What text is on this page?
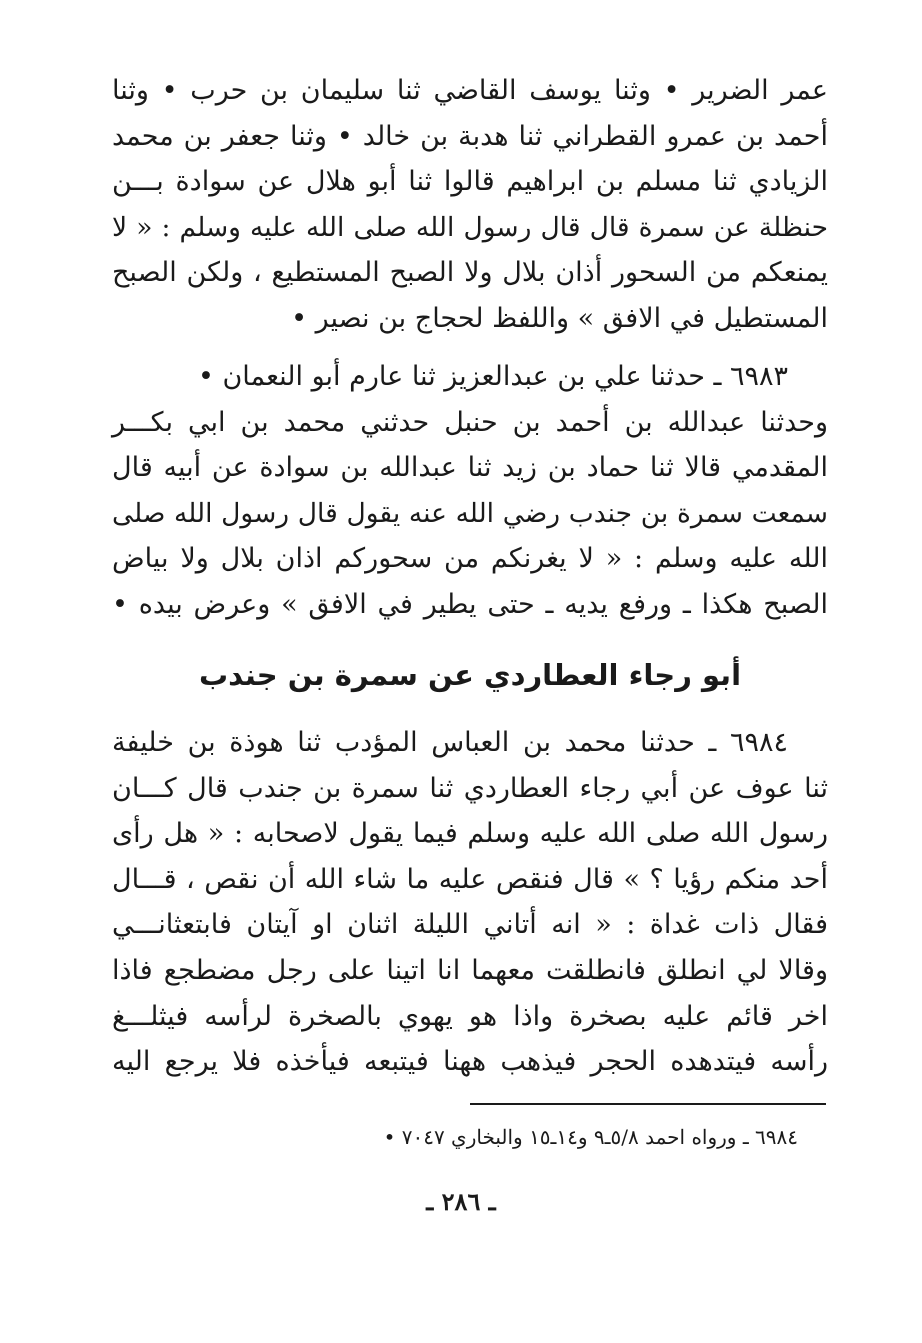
عمر الضرير • وثنا يوسف القاضي ثنا سليمان بن حرب • وثنا
أحمد بن عمرو القطراني ثنا هدبة بن خالد • وثنا جعفر بن محمد
الزيادي ثنا مسلم بن ابراهيم قالوا ثنا أبو هلال عن سوادة بـــن
حنظلة عن سمرة قال قال رسول الله صلى الله عليه وسلم : « لا
يمنعكم من السحور أذان بلال ولا الصبح المستطيع ، ولكن الصبح
المستطيل في الافق » واللفظ لحجاج بن نصير •
٦٩٨٣ ـ حدثنا علي بن عبدالعزيز ثنا عارم أبو النعمان •
وحدثنا عبدالله بن أحمد بن حنبل حدثني محمد بن ابي بكـــر
المقدمي قالا ثنا حماد بن زيد ثنا عبدالله بن سوادة عن أبيه قال
سمعت سمرة بن جندب رضي الله عنه يقول قال رسول الله صلى
الله عليه وسلم : « لا يغرنكم من سحوركم اذان بلال ولا بياض
الصبح هكذا ـ ورفع يديه ـ حتى يطير في الافق » وعرض بيده •
أبو رجاء العطاردي عن سمرة بن جندب
٦٩٨٤ ـ حدثنا محمد بن العباس المؤدب ثنا هوذة بن خليفة
ثنا عوف عن أبي رجاء العطاردي ثنا سمرة بن جندب قال كـــان
رسول الله صلى الله عليه وسلم فيما يقول لاصحابه : « هل رأى
أحد منكم رؤيا ؟ » قال فنقص عليه ما شاء الله أن نقص ، قـــال
فقال ذات غداة : « انه أتاني الليلة اثنان او آيتان فابتعثانـــي
وقالا لي انطلق فانطلقت معهما انا اتينا على رجل مضطجع فاذا
اخر قائم عليه بصخرة واذا هو يهوي بالصخرة لرأسه فيثلـــغ
رأسه فيتدهده الحجر فيذهب ههنا فيتبعه فيأخذه فلا يرجع اليه

٦٩٨٤ ـ ورواه احمد ٥/٨ـ٩ و١٤ـ١٥ والبخاري ٧٠٤٧ •

ـ ٢٨٦ ـ
